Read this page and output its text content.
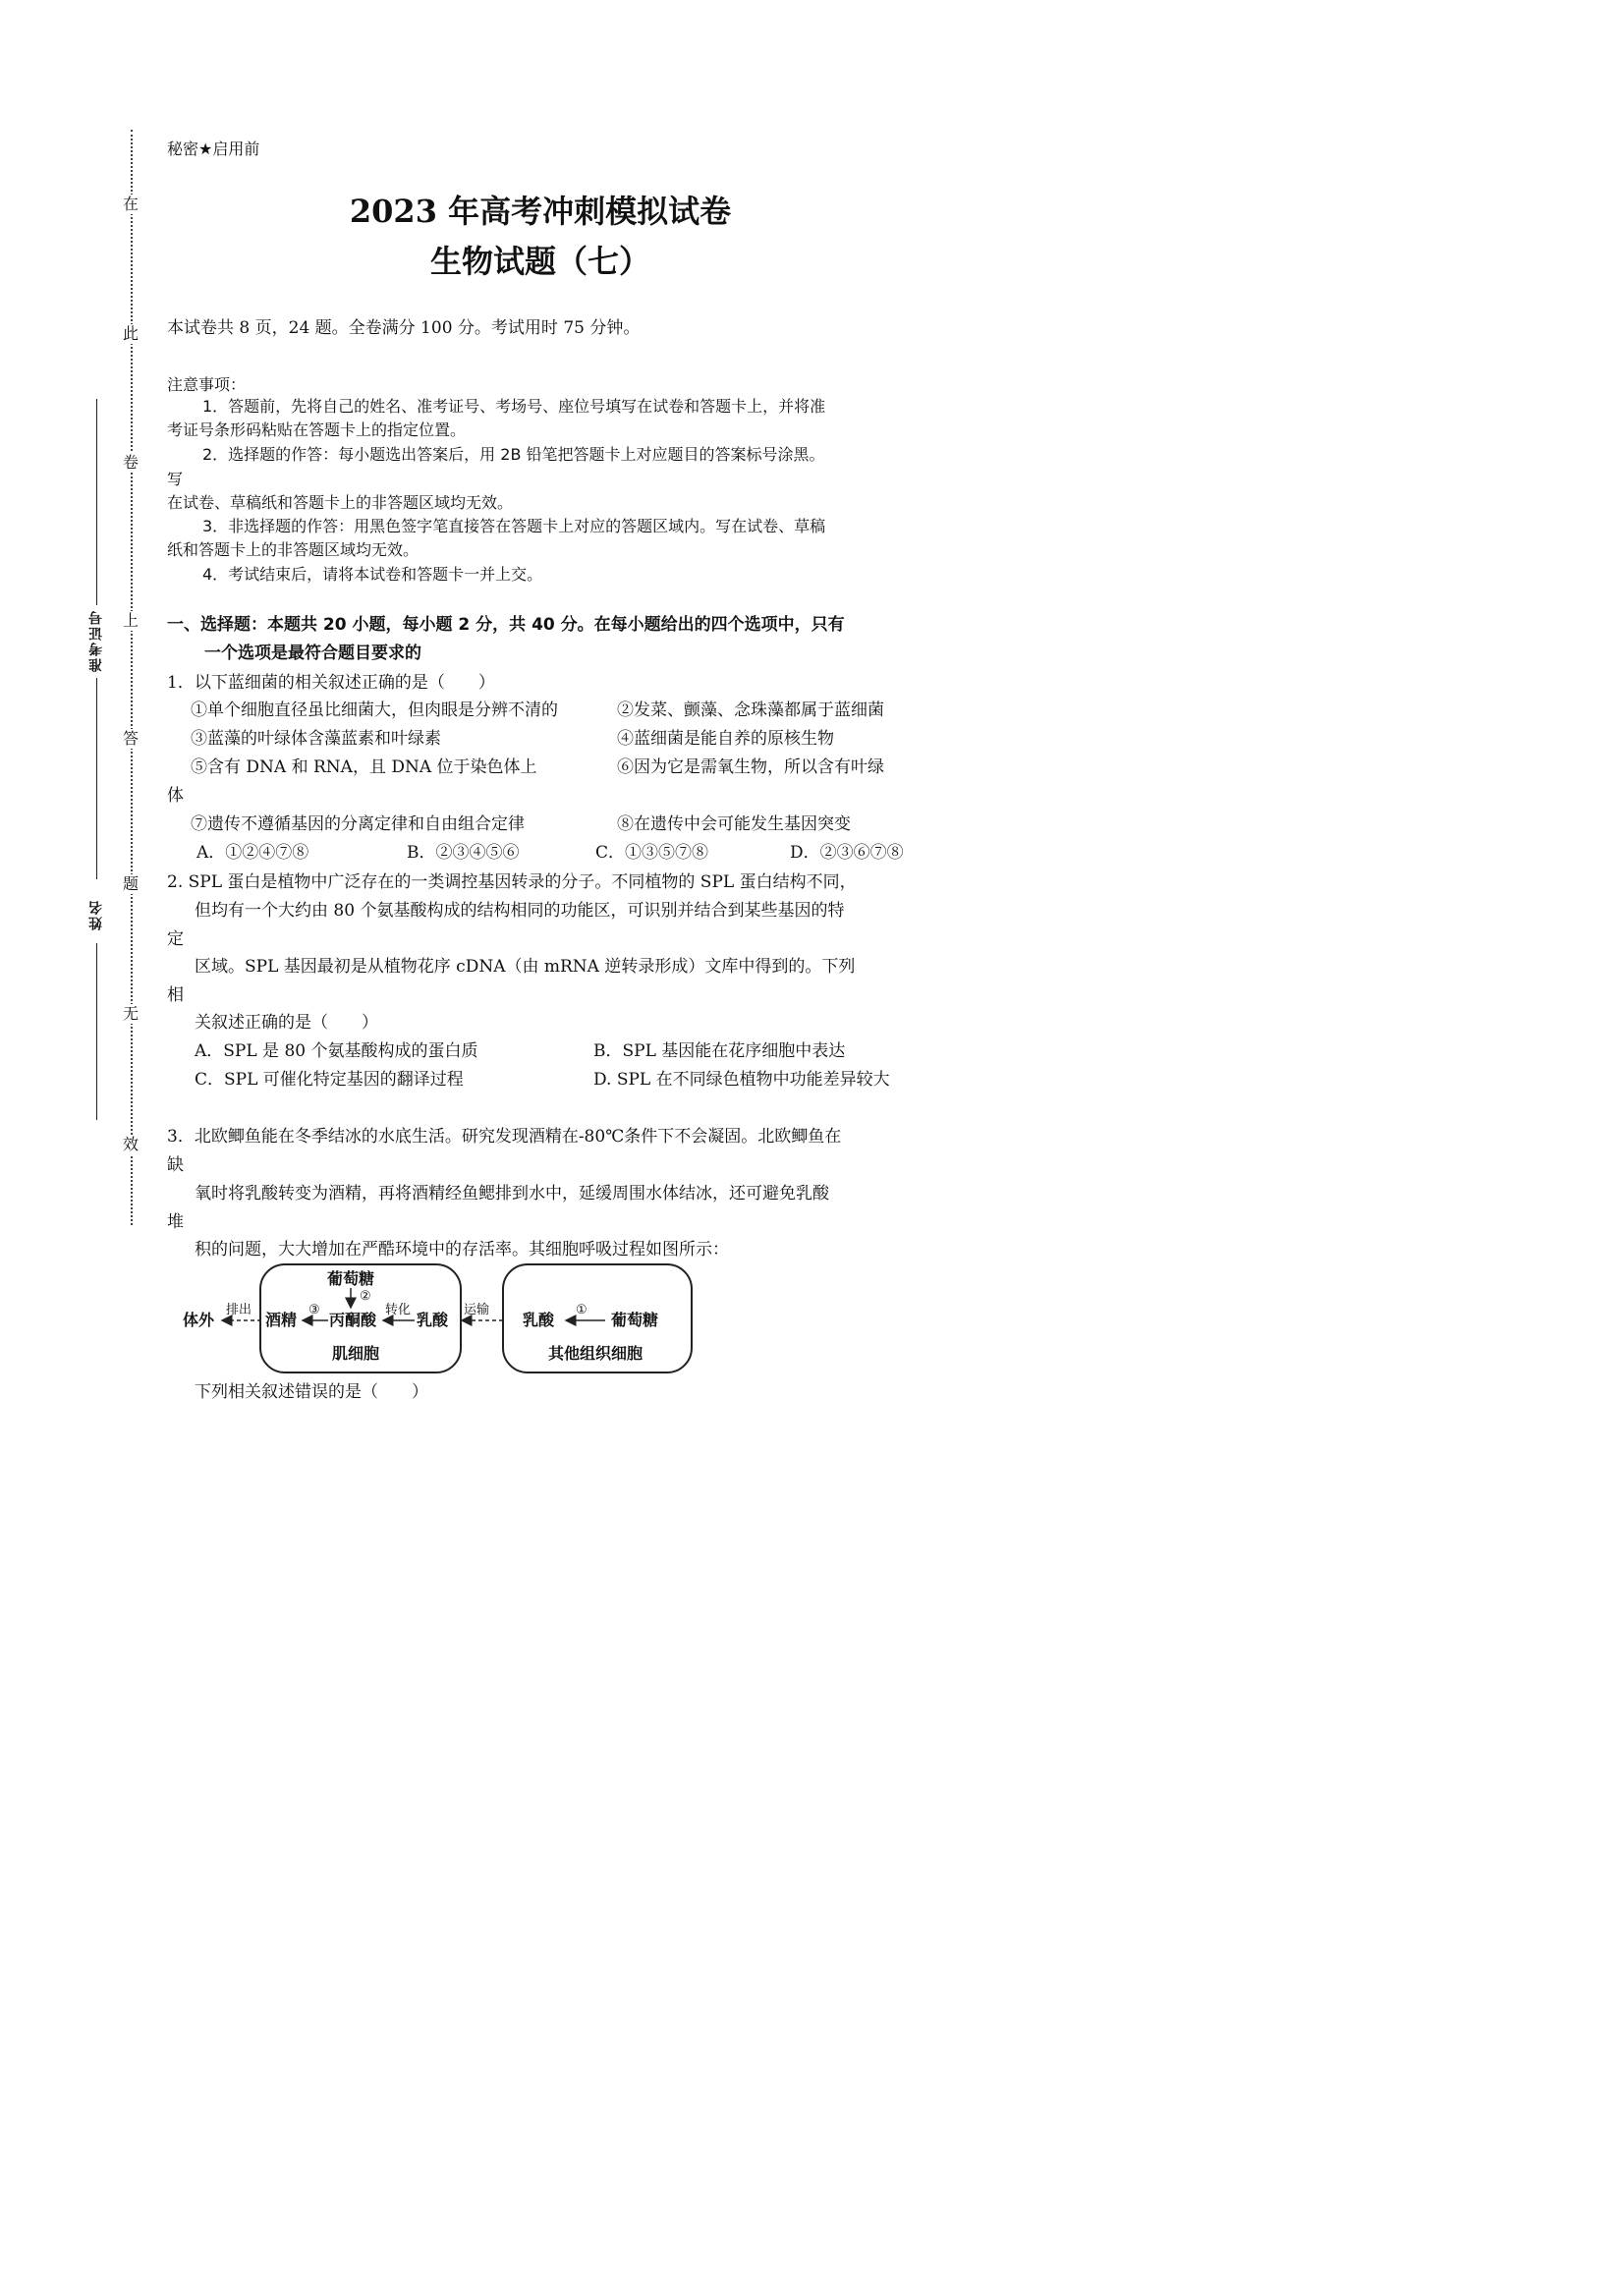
在
此
卷
上
答
题
无
效
准考证号
姓名
秘密★启用前
2023 年高考冲刺模拟试卷
生物试题（七）
本试卷共 8 页，24 题。全卷满分 100 分。考试用时 75 分钟。
注意事项：
1．答题前，先将自己的姓名、准考证号、考场号、座位号填写在试卷和答题卡上，并将准
考证号条形码粘贴在答题卡上的指定位置。
2．选择题的作答：每小题选出答案后，用 2B 铅笔把答题卡上对应题目的答案标号涂黑。
写
在试卷、草稿纸和答题卡上的非答题区域均无效。
3．非选择题的作答：用黑色签字笔直接答在答题卡上对应的答题区域内。写在试卷、草稿
纸和答题卡上的非答题区域均无效。
4．考试结束后，请将本试卷和答题卡一并上交。
一、选择题：本题共 20 小题，每小题 2 分，共 40 分。在每小题给出的四个选项中，只有
一个选项是最符合题目要求的
1．以下蓝细菌的相关叙述正确的是（　　）
①单个细胞直径虽比细菌大，但肉眼是分辨不清的	②发菜、颤藻、念珠藻都属于蓝细菌
③蓝藻的叶绿体含藻蓝素和叶绿素	④蓝细菌是能自养的原核生物
⑤含有 DNA 和 RNA，且 DNA 位于染色体上	⑥因为它是需氧生物，所以含有叶绿
体
⑦遗传不遵循基因的分离定律和自由组合定律	⑧在遗传中会可能发生基因突变
A．①②④⑦⑧	B．②③④⑤⑥	C．①③⑤⑦⑧	D．②③⑥⑦⑧
2. SPL 蛋白是植物中广泛存在的一类调控基因转录的分子。不同植物的 SPL 蛋白结构不同，
但均有一个大约由 80 个氨基酸构成的结构相同的功能区，可识别并结合到某些基因的特
定
区域。SPL 基因最初是从植物花序 cDNA（由 mRNA 逆转录形成）文库中得到的。下列
相
关叙述正确的是（　　）
A．SPL 是 80 个氨基酸构成的蛋白质	B．SPL 基因能在花序细胞中表达
C．SPL 可催化特定基因的翻译过程	D. SPL 在不同绿色植物中功能差异较大
3．北欧鲫鱼能在冬季结冰的水底生活。研究发现酒精在-80℃条件下不会凝固。北欧鲫鱼在
缺
氧时将乳酸转变为酒精，再将酒精经鱼鳃排到水中，延缓周围水体结冰，还可避免乳酸
堆
积的问题，大大增加在严酷环境中的存活率。其细胞呼吸过程如图所示：
体外
排出
酒精
③
丙酮酸
转化
乳酸
葡萄糖
②
肌细胞
运输
乳酸
①
葡萄糖
其他组织细胞
下列相关叙述错误的是（　　）
